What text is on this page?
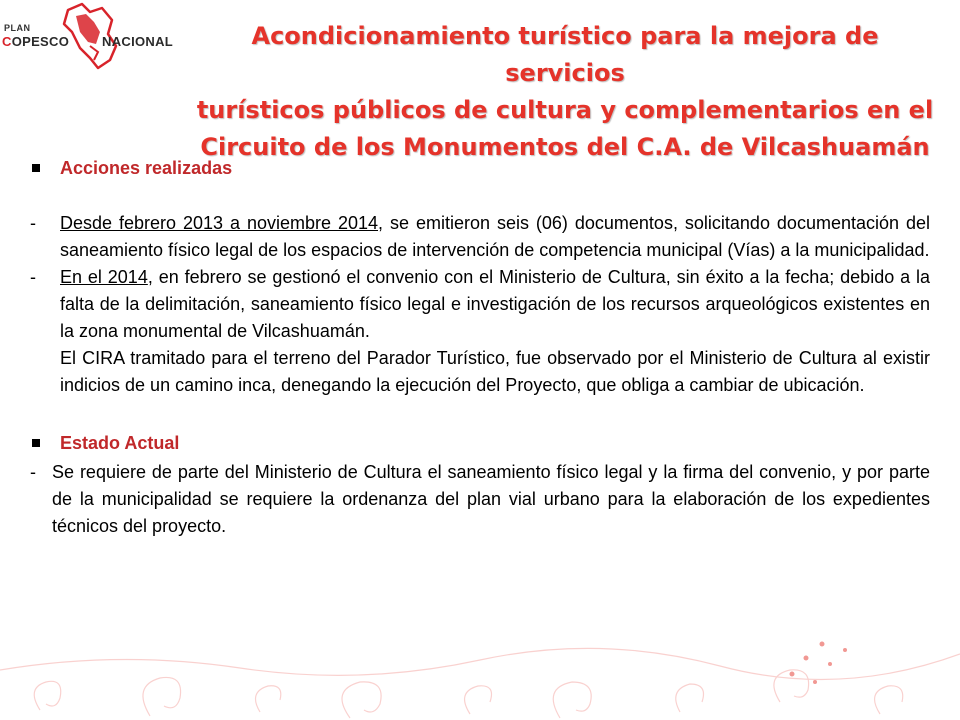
PLAN
COPESCO	NACIONAL	Acondicionamiento turístico para la mejora de servicios
turísticos públicos de cultura y complementarios en el
Circuito de los Monumentos del C.A. de Vilcashuamán
Acciones realizadas
- Desde febrero 2013 a noviembre 2014, se emitieron seis (06) documentos, solicitando documentación del saneamiento físico legal de los espacios de intervención de competencia municipal (Vías) a la municipalidad.
- En el 2014, en febrero se gestionó el convenio con el Ministerio de Cultura, sin éxito a la fecha; debido a la falta de la delimitación, saneamiento físico legal e investigación de los recursos arqueológicos existentes en la zona monumental de Vilcashuamán.
El CIRA tramitado para el terreno del Parador Turístico, fue observado por el Ministerio de Cultura al existir indicios de un camino inca, denegando la ejecución del Proyecto, que obliga a cambiar de ubicación.
Estado Actual
- Se requiere de parte del Ministerio de Cultura el saneamiento físico legal y la firma del convenio, y por parte de la municipalidad se requiere la ordenanza del plan vial urbano para la elaboración de los expedientes técnicos del proyecto.
